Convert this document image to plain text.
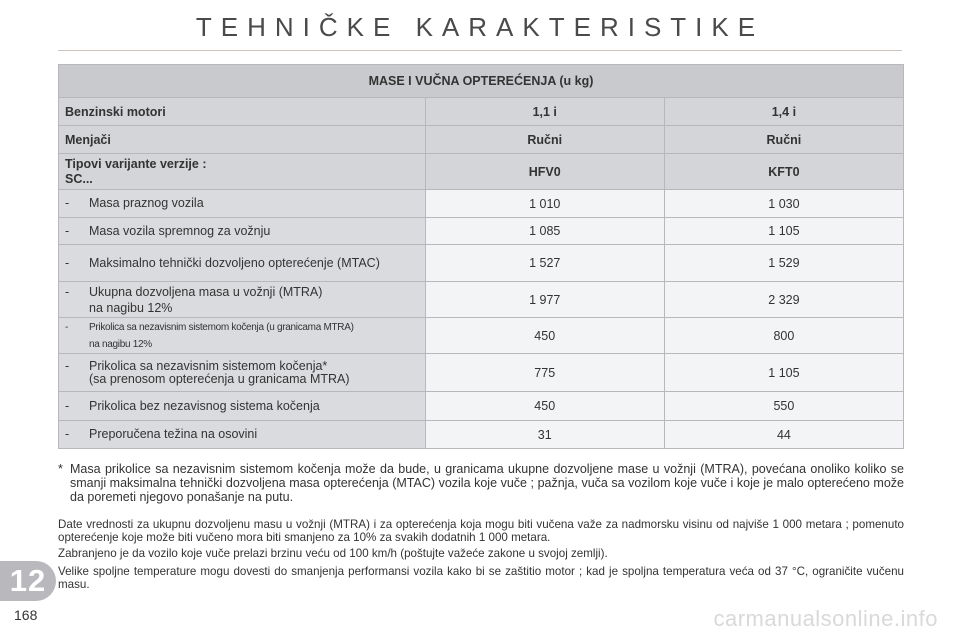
TEHNIČKE KARAKTERISTIKE
MASE I VUČNA OPTEREĆENJA (u kg)		
Benzinski motori	1,1 i	1,4 i
Menjači	Ručni	Ručni
Tipovi varijante verzije :
SC...	HFV0	KFT0

- Masa praznog vozila	1 010	1 030

- Masa vozila spremnog za vožnju	1 085	1 105

- Maksimalno tehnički dozvoljeno opterećenje (MTAC)	1 527	1 529

- Ukupna dozvoljena masa u vožnji (MTRA)
na nagibu 12%	1 977	2 329

- Prikolica sa nezavisnim sistemom kočenja (u granicama MTRA)
na nagibu 12%	450	800

- Prikolica sa nezavisnim sistemom kočenja*
(sa prenosom opterećenja u granicama MTRA)	775	1 105

- Prikolica bez nezavisnog sistema kočenja	450	550

- Preporučena težina na osovini	31	44
* Masa prikolice sa nezavisnim sistemom kočenja može da bude, u granicama ukupne dozvoljene mase u vožnji (MTRA), povećana onoliko koliko se smanji maksimalna tehnički dozvoljena masa opterećenja (MTAC) vozila koje vuče ; pažnja, vuča sa vozilom koje vuče i koje je malo opterećeno može da poremeti njegovo ponašanje na putu.

Date vrednosti za ukupnu dozvoljenu masu u vožnji (MTRA) i za opterećenja koja mogu biti vučena važe za nadmorsku visinu od najviše 1 000 metara ; pomenuto opterećenje koje može biti vučeno mora biti smanjeno za 10% za svakih dodatnih 1 000 metara.

Zabranjeno je da vozilo koje vuče prelazi brzinu veću od 100 km/h (poštujte važeće zakone u svojoj zemlji).

Velike spoljne temperature mogu dovesti do smanjenja performansi vozila kako bi se zaštitio motor ; kad je spoljna temperatura veća od 37 °C, ograničite vučenu masu.

12
168	carmanualsonline.info
